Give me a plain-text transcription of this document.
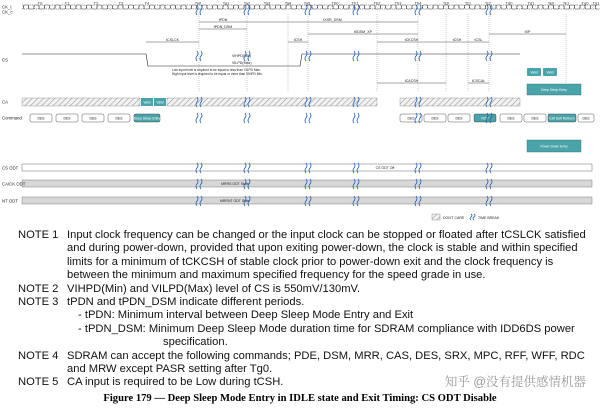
T0	T1	T2	T3	T4	Ta0	Ta1	Ta2	Ta3	Ta4	Ta5	Tb0	Tb1	Tb2	Tb3	Tb4	Tc0	Tc1	Tc2	Td0	Td1	Te0 Te1	Tg0 Tg1
tPDN
tPDN_DSM
tXSR_DSM
tCSLCK	tCSH
tXDSM_XP
tCKCSH	tCSH	tCSL
tXP
tCACSH	tCSCAL
VIHPD(Min)
VILPD(Max)
Low input level is required to be equal or less than VILPD Max.
High input level is required to be equal or more than VIHPD Min.	Valid	Valid
Valid Valid
Deep Sleep Entry
DES	DES	DES	DES	Deep Sleep Entry	DES	DES	DES	NOP	DES	DES	Exit Self Refresh DES
Power Down Entry
CS ODT Off
MRRS ODT State
MRRNT ODT State
DON'T CARE	TIME BREAK
CK_t
CK_c
CS
CA
Command
CS ODT
CA/CK ODT
NT ODT
NOTE 1 Input clock frequency can be changed or the input clock can be stopped or floated after tCSLCK satisfied and during power-down, provided that upon exiting power-down, the clock is stable and within specified limits for a minimum of tCKCSH of stable clock prior to power-down exit and the clock frequency is between the minimum and maximum specified frequency for the speed grade in use.
NOTE 2 VIHPD(Min) and VILPD(Max) level of CS is 550mV/130mV.
NOTE 3 tPDN and tPDN_DSM indicate different periods.
- tPDN: Minimum interval between Deep Sleep Mode Entry and Exit
- tPDN_DSM: Minimum Deep Sleep Mode duration time for SDRAM compliance with IDD6DS power
specification.
NOTE 4 SDRAM can accept the following commands; PDE, DSM, MRR, CAS, DES, SRX, MPC, RFF, WFF, RDC and MRW except PASR setting after Tg0.
NOTE 5 CA input is required to be Low during tCSH.	知乎 @没有提供感情机器
Figure 179 — Deep Sleep Mode Entry in IDLE state and Exit Timing: CS ODT Disable
